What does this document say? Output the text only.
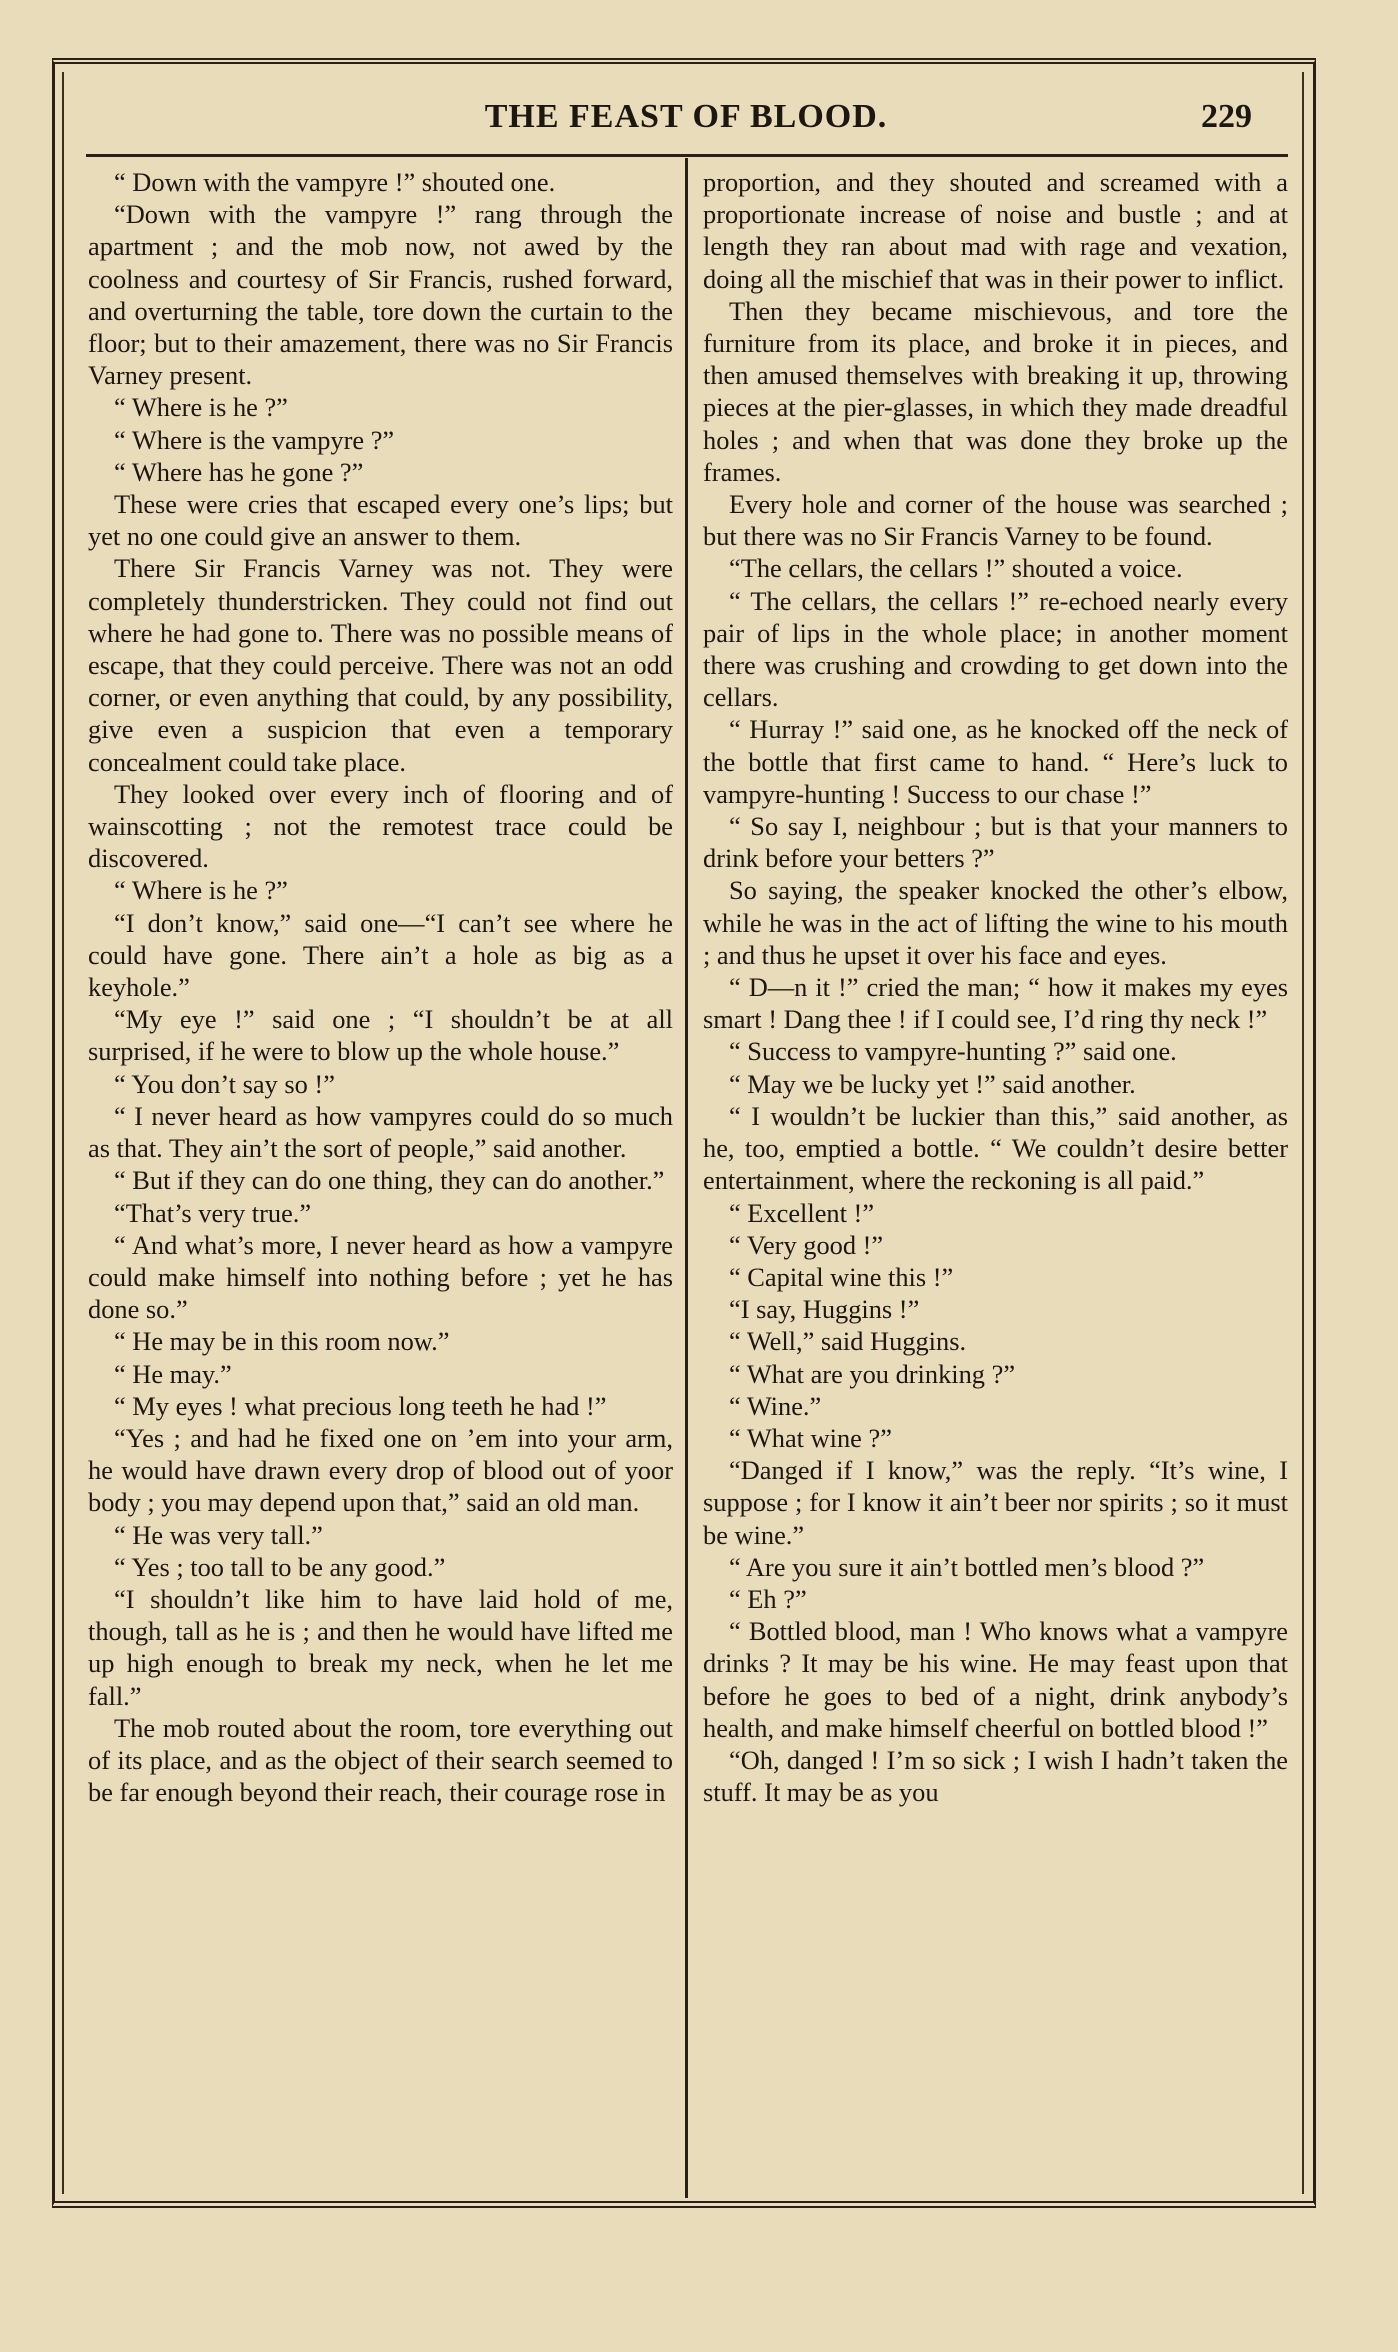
THE FEAST OF BLOOD.	229

“ Down with the vampyre !” shouted one.

“Down with the vampyre !” rang through the apartment ; and the mob now, not awed by the coolness and courtesy of Sir Francis, rushed forward, and overturning the table, tore down the curtain to the floor; but to their amazement, there was no Sir Francis Varney present.

“ Where is he ?”

“ Where is the vampyre ?”

“ Where has he gone ?”

These were cries that escaped every one’s lips; but yet no one could give an answer to them.

There Sir Francis Varney was not. They were completely thunderstricken. They could not find out where he had gone to. There was no possible means of escape, that they could perceive. There was not an odd corner, or even anything that could, by any possibility, give even a suspicion that even a temporary concealment could take place.

They looked over every inch of flooring and of wainscotting ; not the remotest trace could be discovered.

“ Where is he ?”

“I don’t know,” said one—“I can’t see where he could have gone. There ain’t a hole as big as a keyhole.”

“My eye !” said one ; “I shouldn’t be at all surprised, if he were to blow up the whole house.”

“ You don’t say so !”

“ I never heard as how vampyres could do so much as that. They ain’t the sort of people,” said another.

“ But if they can do one thing, they can do another.”

“That’s very true.”

“ And what’s more, I never heard as how a vampyre could make himself into nothing before ; yet he has done so.”

“ He may be in this room now.”

“ He may.”

“ My eyes ! what precious long teeth he had !”

“Yes ; and had he fixed one on ’em into your arm, he would have drawn every drop of blood out of yoor body ; you may depend upon that,” said an old man.

“ He was very tall.”

“ Yes ; too tall to be any good.”

“I shouldn’t like him to have laid hold of me, though, tall as he is ; and then he would have lifted me up high enough to break my neck, when he let me fall.”

The mob routed about the room, tore everything out of its place, and as the object of their search seemed to be far enough beyond their reach, their courage rose in

proportion, and they shouted and screamed with a proportionate increase of noise and bustle ; and at length they ran about mad with rage and vexation, doing all the mischief that was in their power to inflict.

Then they became mischievous, and tore the furniture from its place, and broke it in pieces, and then amused themselves with breaking it up, throwing pieces at the pier-glasses, in which they made dreadful holes ; and when that was done they broke up the frames.

Every hole and corner of the house was searched ; but there was no Sir Francis Varney to be found.

“The cellars, the cellars !” shouted a voice.

“ The cellars, the cellars !” re-echoed nearly every pair of lips in the whole place; in another moment there was crushing and crowding to get down into the cellars.

“ Hurray !” said one, as he knocked off the neck of the bottle that first came to hand. “ Here’s luck to vampyre-hunting ! Success to our chase !”

“ So say I, neighbour ; but is that your manners to drink before your betters ?”

So saying, the speaker knocked the other’s elbow, while he was in the act of lifting the wine to his mouth ; and thus he upset it over his face and eyes.

“ D—n it !” cried the man; “ how it makes my eyes smart ! Dang thee ! if I could see, I’d ring thy neck !”

“ Success to vampyre-hunting ?” said one.

“ May we be lucky yet !” said another.

“ I wouldn’t be luckier than this,” said another, as he, too, emptied a bottle. “ We couldn’t desire better entertainment, where the reckoning is all paid.”

“ Excellent !”

“ Very good !”

“ Capital wine this !”

“I say, Huggins !”

“ Well,” said Huggins.

“ What are you drinking ?”

“ Wine.”

“ What wine ?”

“Danged if I know,” was the reply. “It’s wine, I suppose ; for I know it ain’t beer nor spirits ; so it must be wine.”

“ Are you sure it ain’t bottled men’s blood ?”

“ Eh ?”

“ Bottled blood, man ! Who knows what a vampyre drinks ? It may be his wine. He may feast upon that before he goes to bed of a night, drink anybody’s health, and make himself cheerful on bottled blood !”

“Oh, danged ! I’m so sick ; I wish I hadn’t taken the stuff. It may be as you
